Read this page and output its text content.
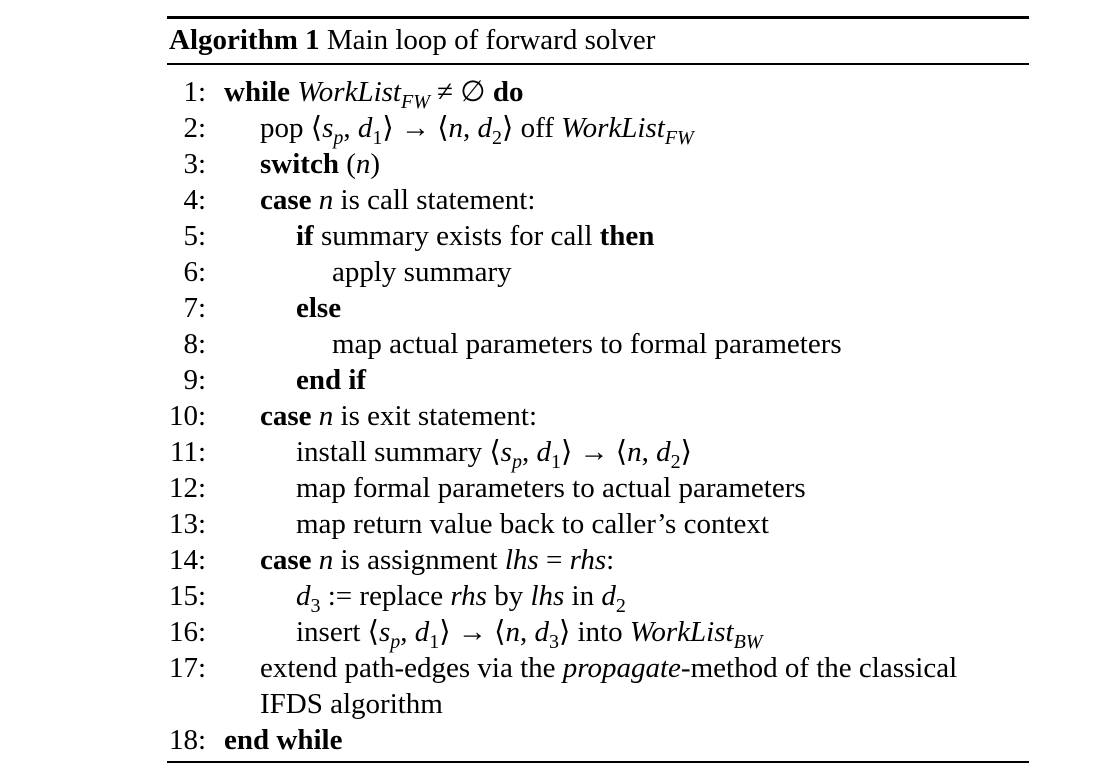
Algorithm 1 Main loop of forward solver
1: while WorkList$_{FW}$ ≠ ∅ do
2: pop $⟨s_p$, $d_1⟩$ → ⟨n, $d_2⟩$ off WorkList$_{FW}$
3: switch (n)
4: case n is call statement:
5:	if summary exists for call then
6:	apply summary
7:	else
8:	map actual parameters to formal parameters
9:	end if
10: case n is exit statement:
11:	install summary $⟨s_p$, $d_1⟩$ → ⟨n, $d_2⟩$
12:	map formal parameters to actual parameters
13:	map return value back to caller’s context
14: case n is assignment lhs = rhs:
15:	$d_3$ := replace rhs by lhs in $d_2$
16:	insert $⟨s_p$, $d_1⟩$ → ⟨n, $d_3⟩$ into WorkList$_{BW}$
17: extend path-edges via the propagate-method of the classical
IFDS algorithm
18: end while
